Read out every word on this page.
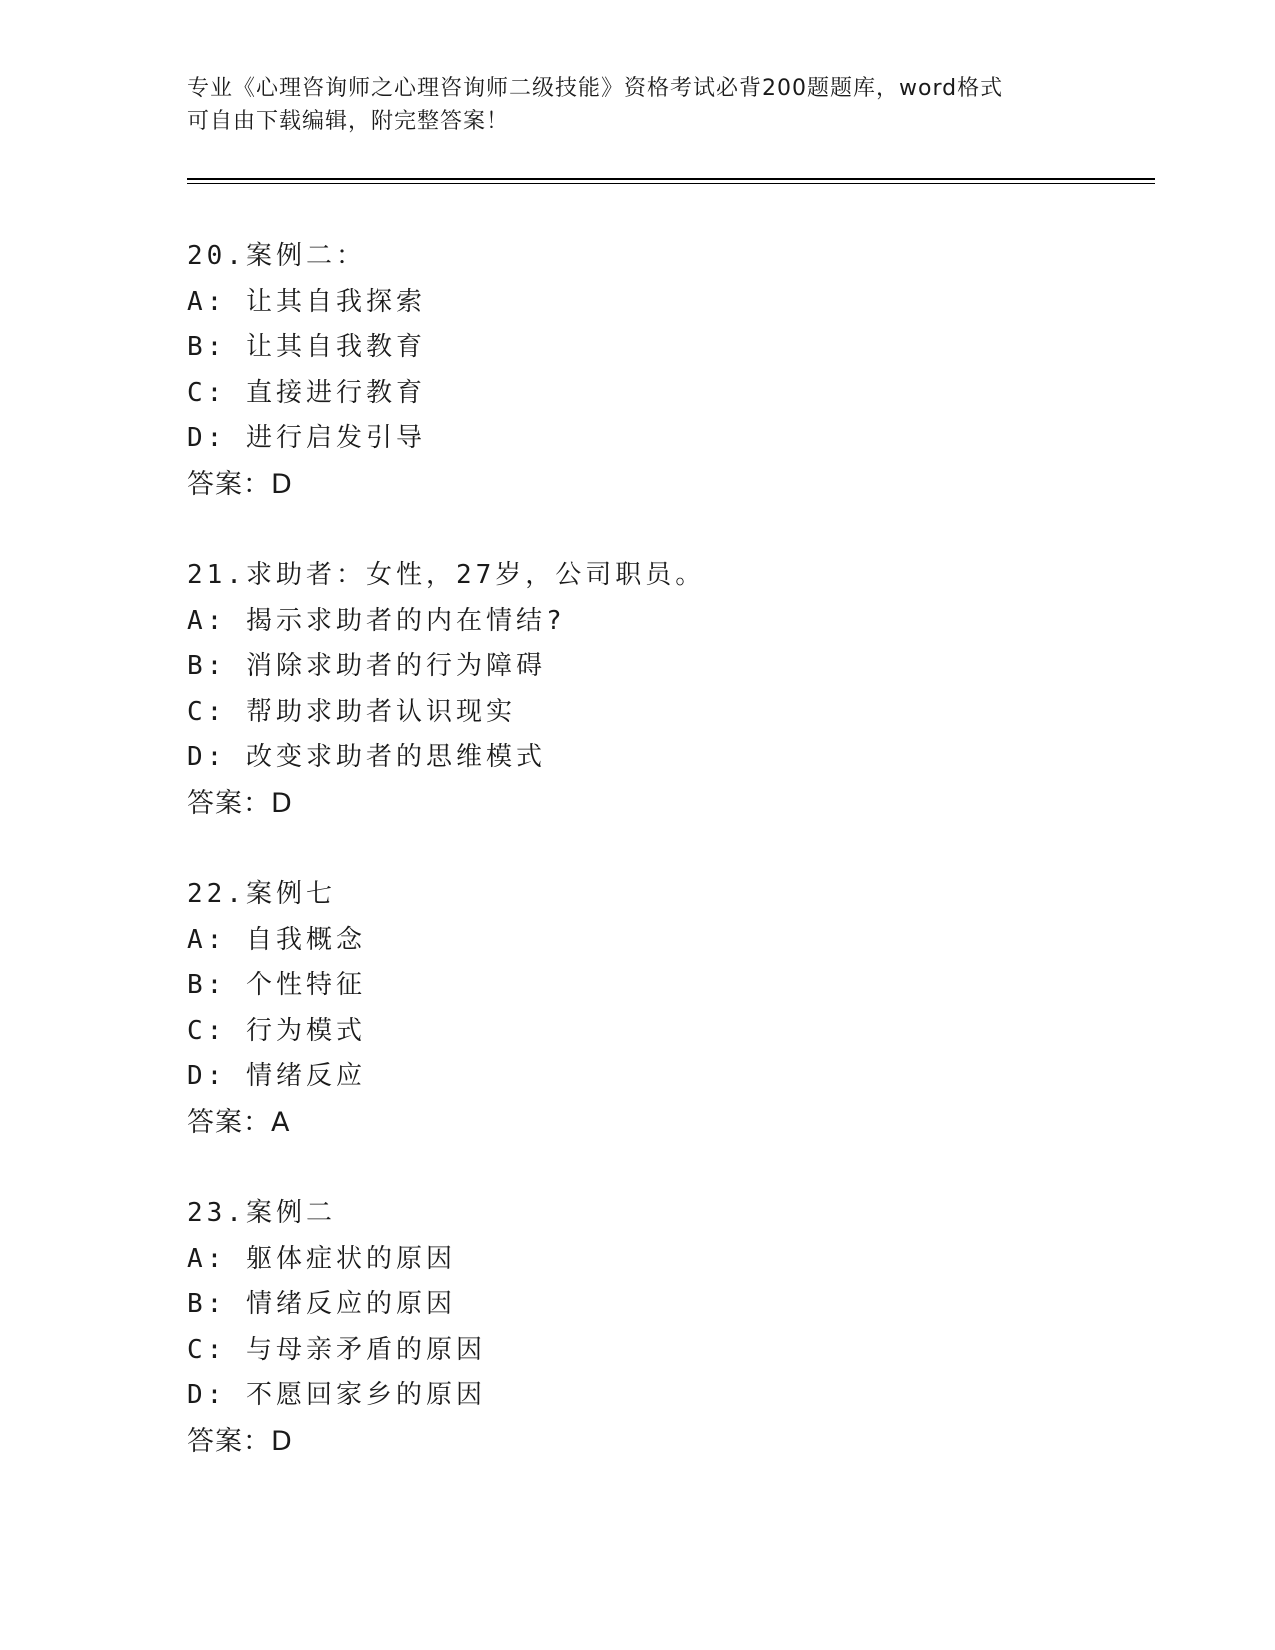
专业《心理咨询师之心理咨询师二级技能》资格考试必背200题题库，word格式
可自由下载编辑，附完整答案！
20.案例二：
A: 让其自我探索
B: 让其自我教育
C: 直接进行教育
D: 进行启发引导
答案：D
21.求助者：女性，27岁，公司职员。
A: 揭示求助者的内在情结?
B: 消除求助者的行为障碍
C: 帮助求助者认识现实
D: 改变求助者的思维模式
答案：D
22.案例七
A: 自我概念
B: 个性特征
C: 行为模式
D: 情绪反应
答案：A
23.案例二
A: 躯体症状的原因
B: 情绪反应的原因
C: 与母亲矛盾的原因
D: 不愿回家乡的原因
答案：D
